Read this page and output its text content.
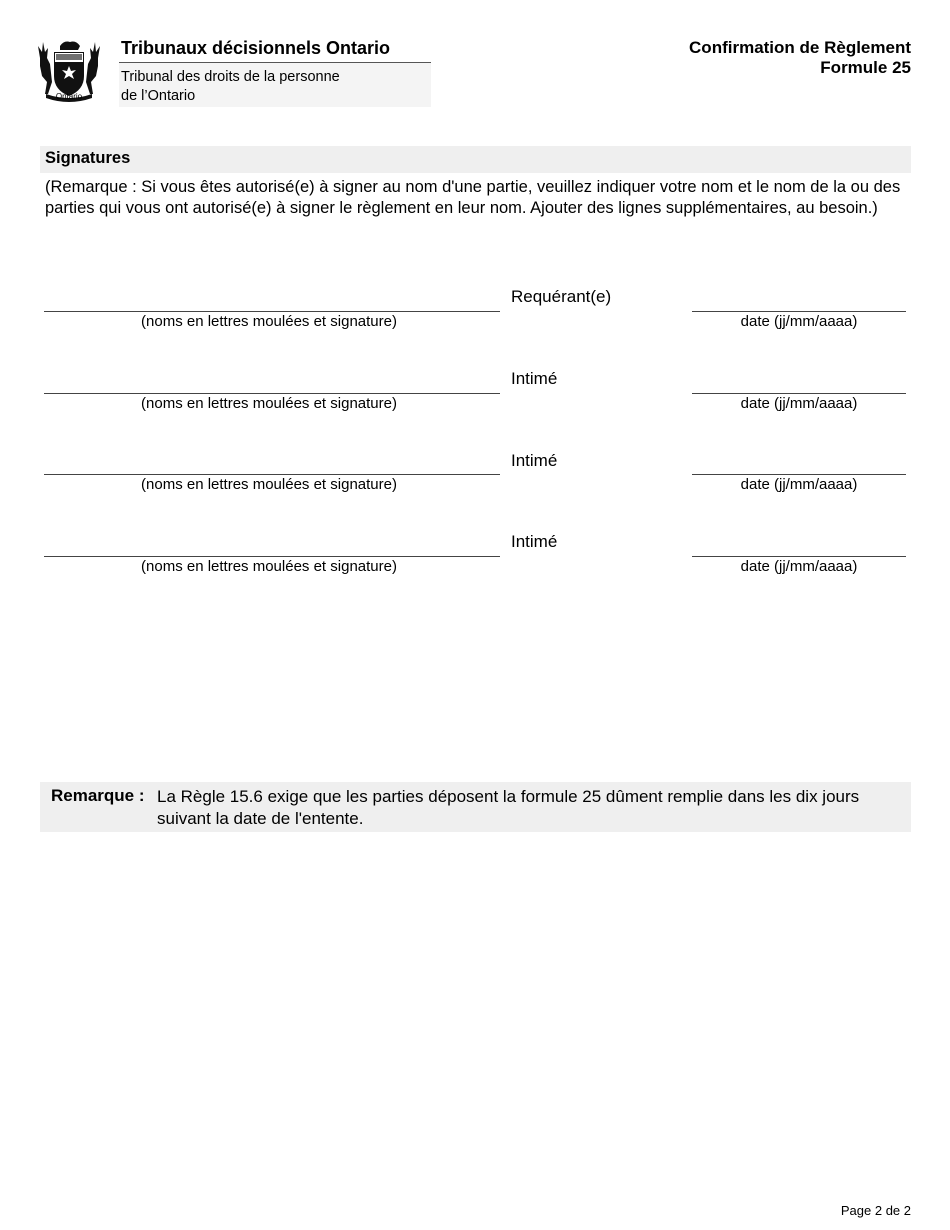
Ontario
Tribunaux décisionnels Ontario
Tribunal des droits de la personne
de l’Ontario
Confirmation de Règlement
Formule 25
Signatures
(Remarque : Si vous êtes autorisé(e) à signer au nom d'une partie, veuillez indiquer votre nom et le nom de la ou des parties qui vous ont autorisé(e) à signer le règlement en leur nom. Ajouter des lignes supplémentaires, au besoin.)
Requérant(e)
(noms en lettres moulées et signature)	date (jj/mm/aaaa)
Intimé
(noms en lettres moulées et signature)	date (jj/mm/aaaa)
Intimé
(noms en lettres moulées et signature)	date (jj/mm/aaaa)
Intimé
(noms en lettres moulées et signature)	date (jj/mm/aaaa)
Remarque : La Règle 15.6 exige que les parties déposent la formule 25 dûment remplie dans les dix jours suivant la date de l'entente.
Page 2 de 2
